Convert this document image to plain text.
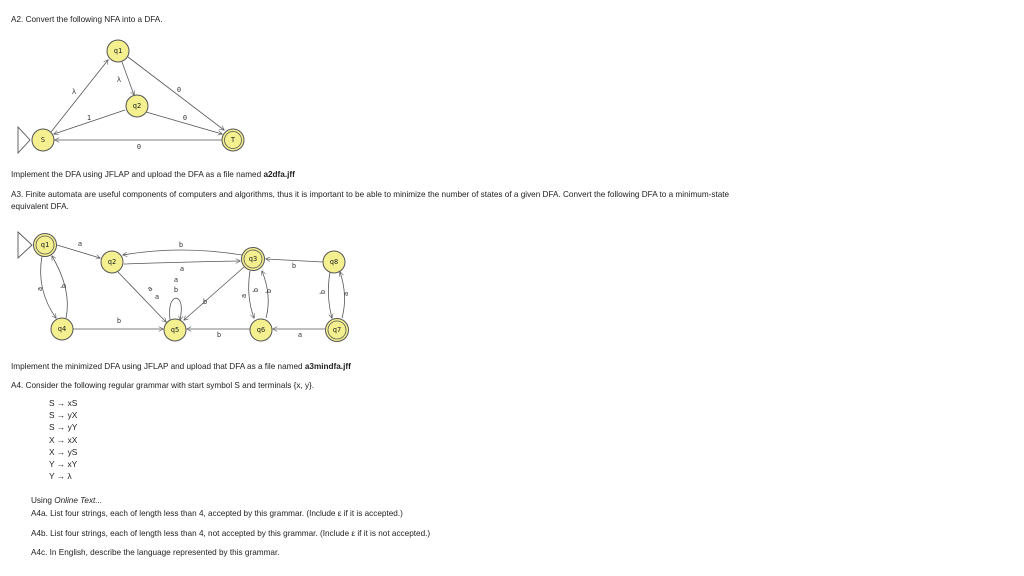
A2. Convert the following NFA into a DFA.
λ
1
λ
0
0
0
q1
q2
S	T
a	b
a	b
a
b
b
b
a	a
b
a
b
a
b a
b
a
b
q1
q2	q3	q8
q4	q5	q6	q7
Implement the DFA using JFLAP and upload the DFA as a file named a2dfa.jff
A3. Finite automata are useful components of computers and algorithms, thus it is important to be able to minimize the number of states of a given DFA. Convert the following DFA to a minimum-state
equivalent DFA.
Implement the minimized DFA using JFLAP and upload that DFA as a file named a3mindfa.jff
A4. Consider the following regular grammar with start symbol S and terminals {x, y}.
S → xS
S → yX
S → yY
X → xX
X → yS
Y → xY
Y → λ
Using Online Text...
A4a. List four strings, each of length less than 4, accepted by this grammar. (Include ε if it is accepted.)
A4b. List four strings, each of length less than 4, not accepted by this grammar. (Include ε if it is not accepted.)
A4c. In English, describe the language represented by this grammar.
